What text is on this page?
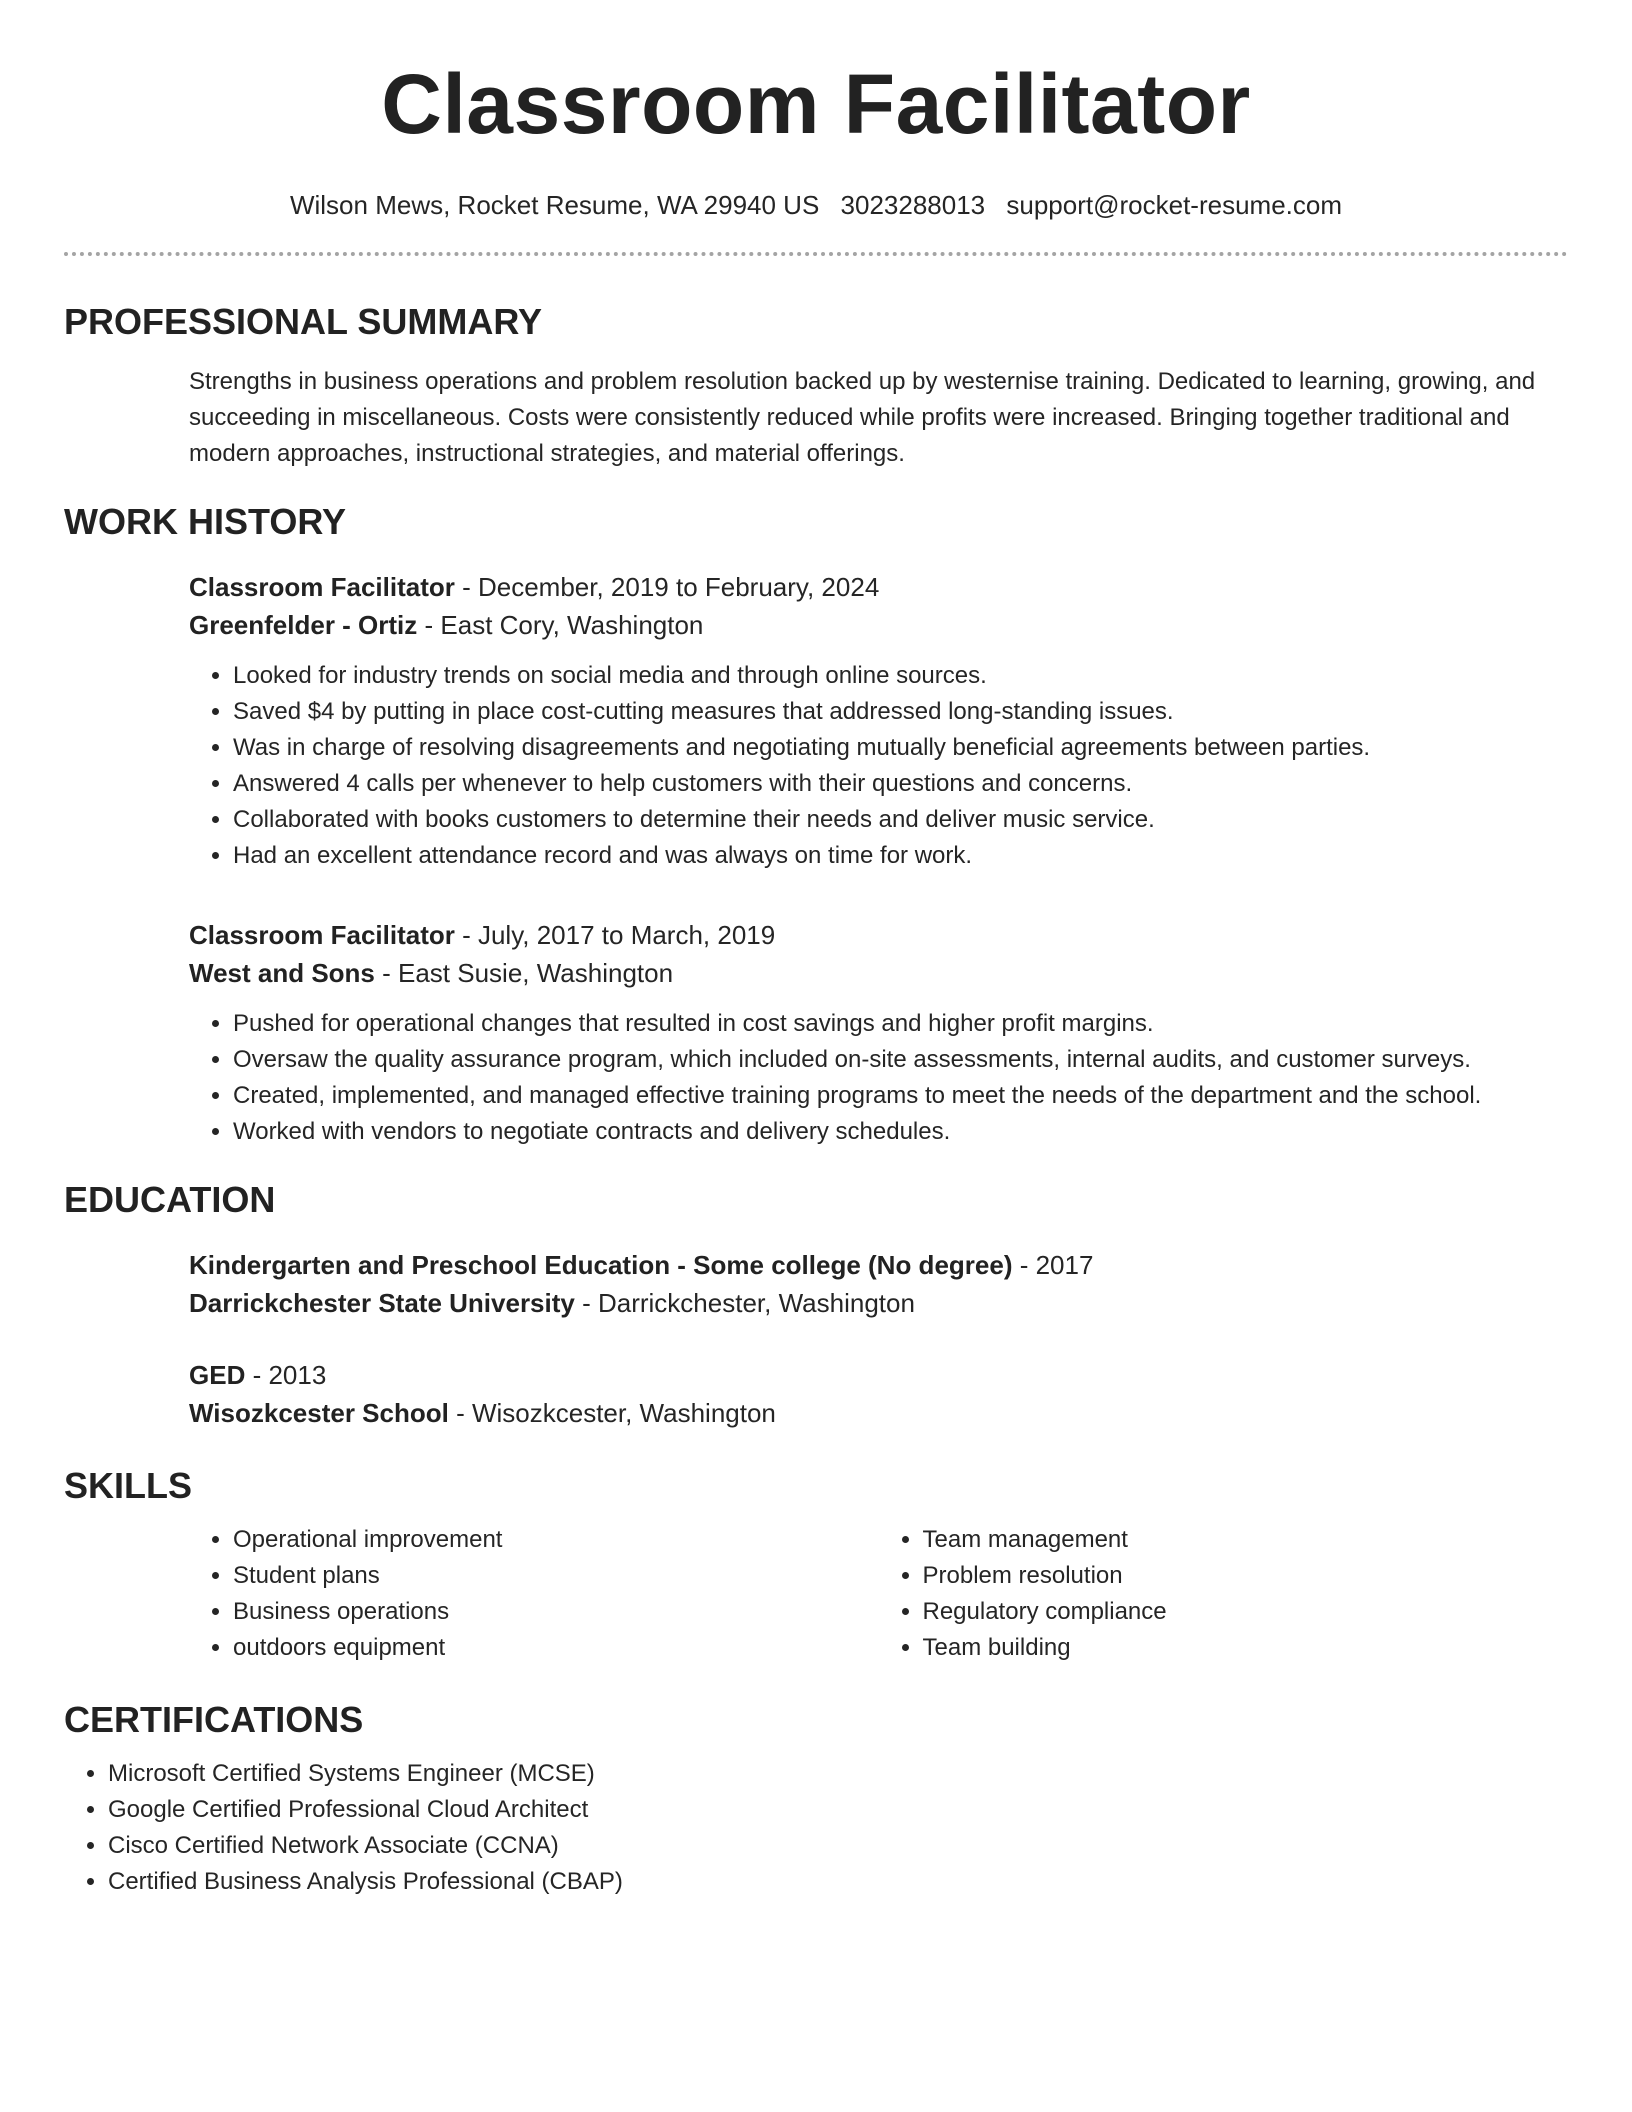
Classroom Facilitator
Wilson Mews, Rocket Resume, WA 29940 US 3023288013 support@rocket-resume.com
PROFESSIONAL SUMMARY
Strengths in business operations and problem resolution backed up by westernise training. Dedicated to learning, growing, and succeeding in miscellaneous. Costs were consistently reduced while profits were increased. Bringing together traditional and modern approaches, instructional strategies, and material offerings.
WORK HISTORY
Classroom Facilitator - December, 2019 to February, 2024
Greenfelder - Ortiz - East Cory, Washington
• Looked for industry trends on social media and through online sources.
• Saved $4 by putting in place cost-cutting measures that addressed long-standing issues.
• Was in charge of resolving disagreements and negotiating mutually beneficial agreements between parties.
• Answered 4 calls per whenever to help customers with their questions and concerns.
• Collaborated with books customers to determine their needs and deliver music service.
• Had an excellent attendance record and was always on time for work.
Classroom Facilitator - July, 2017 to March, 2019
West and Sons - East Susie, Washington
• Pushed for operational changes that resulted in cost savings and higher profit margins.
• Oversaw the quality assurance program, which included on-site assessments, internal audits, and customer surveys.
• Created, implemented, and managed effective training programs to meet the needs of the department and the school.
• Worked with vendors to negotiate contracts and delivery schedules.
EDUCATION
Kindergarten and Preschool Education - Some college (No degree) - 2017
Darrickchester State University - Darrickchester, Washington
GED - 2013
Wisozkcester School - Wisozkcester, Washington
SKILLS
• Operational improvement
• Student plans
• Business operations
• outdoors equipment
• Team management
• Problem resolution
• Regulatory compliance
• Team building
CERTIFICATIONS
• Microsoft Certified Systems Engineer (MCSE)
• Google Certified Professional Cloud Architect
• Cisco Certified Network Associate (CCNA)
• Certified Business Analysis Professional (CBAP)
